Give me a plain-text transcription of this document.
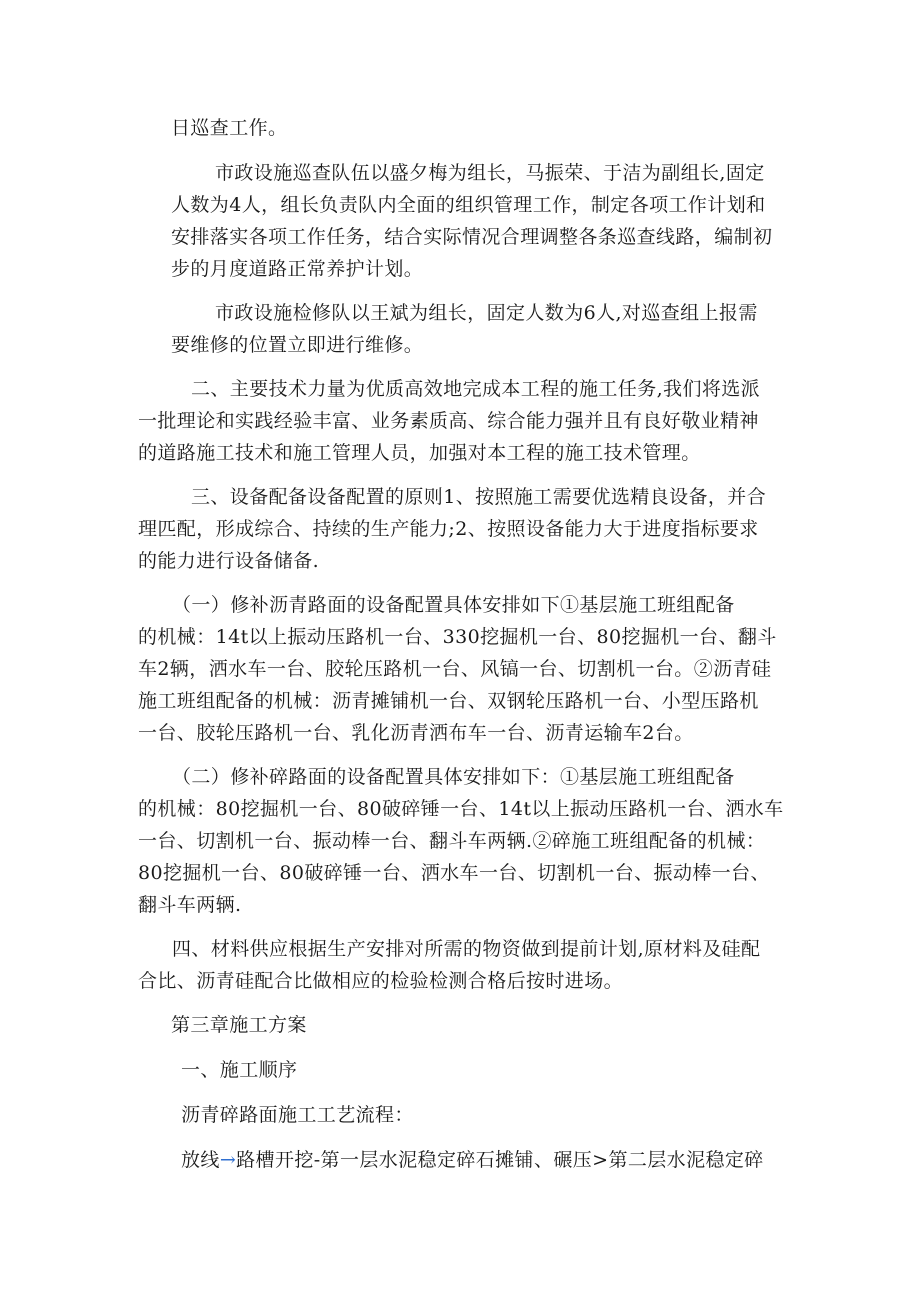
日巡查工作。
市政设施巡查队伍以盛夕梅为组长，马振荣、于洁为副组长,固定
人数为4人，组长负责队内全面的组织管理工作，制定各项工作计划和
安排落实各项工作任务，结合实际情况合理调整各条巡查线路，编制初
步的月度道路正常养护计划。
市政设施检修队以王斌为组长，固定人数为6人,对巡查组上报需
要维修的位置立即进行维修。
二、主要技术力量为优质高效地完成本工程的施工任务,我们将选派
一批理论和实践经验丰富、业务素质高、综合能力强并且有良好敬业精神
的道路施工技术和施工管理人员，加强对本工程的施工技术管理。
三、设备配备设备配置的原则1、按照施工需要优选精良设备，并合
理匹配，形成综合、持续的生产能力;2、按照设备能力大于进度指标要求
的能力进行设备储备.
（一）修补沥青路面的设备配置具体安排如下①基层施工班组配备
的机械：14t以上振动压路机一台、330挖掘机一台、80挖掘机一台、翻斗
车2辆，洒水车一台、胶轮压路机一台、风镐一台、切割机一台。②沥青硅
施工班组配备的机械：沥青摊铺机一台、双钢轮压路机一台、小型压路机
一台、胶轮压路机一台、乳化沥青洒布车一台、沥青运输车2台。
（二）修补碎路面的设备配置具体安排如下：①基层施工班组配备
的机械：80挖掘机一台、80破碎锤一台、14t以上振动压路机一台、洒水车
一台、切割机一台、振动棒一台、翻斗车两辆.②碎施工班组配备的机械：
80挖掘机一台、80破碎锤一台、洒水车一台、切割机一台、振动棒一台、
翻斗车两辆.
四、材料供应根据生产安排对所需的物资做到提前计划,原材料及硅配
合比、沥青硅配合比做相应的检验检测合格后按时进场。
第三章施工方案
一、施工顺序
沥青碎路面施工工艺流程：
放线→路槽开挖-第一层水泥稳定碎石摊铺、碾压>第二层水泥稳定碎
